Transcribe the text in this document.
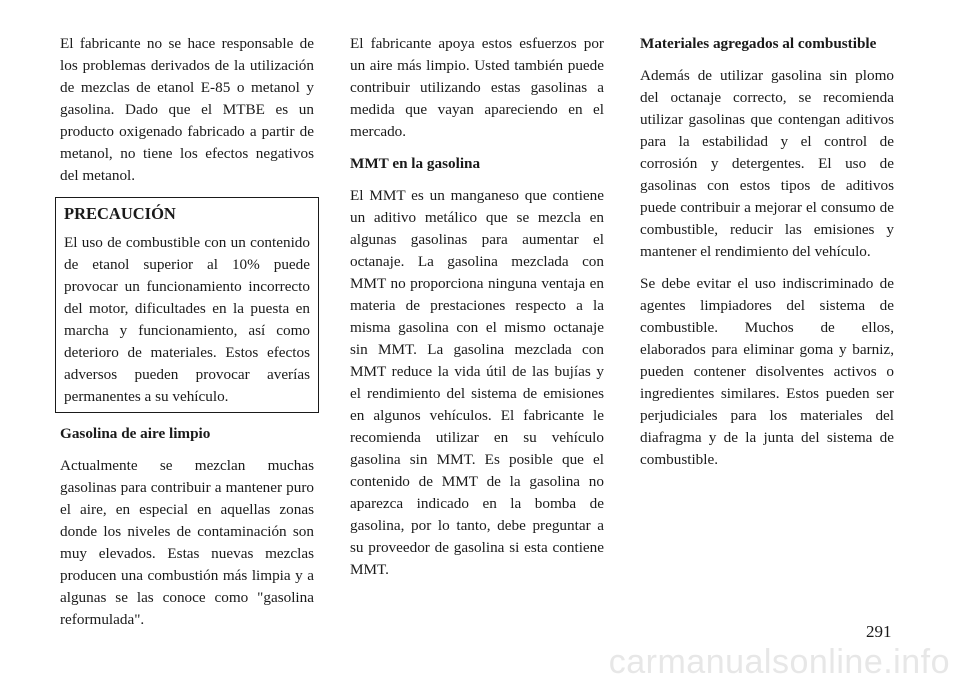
El fabricante no se hace responsable de los problemas derivados de la utilización de mezclas de etanol E-85 o metanol y gasolina. Dado que el MTBE es un producto oxigenado fabricado a partir de metanol, no tiene los efectos negativos del metanol.

PRECAUCIÓN

El uso de combustible con un contenido de etanol superior al 10% puede provocar un funcionamiento incorrecto del motor, dificultades en la puesta en marcha y funcionamiento, así como deterioro de materiales. Estos efectos adversos pueden provocar averías permanentes a su vehículo.

Gasolina de aire limpio

Actualmente se mezclan muchas gasolinas para contribuir a mantener puro el aire, en especial en aquellas zonas donde los niveles de contaminación son muy elevados. Estas nuevas mezclas producen una combustión más limpia y a algunas se las conoce como "gasolina reformulada".

El fabricante apoya estos esfuerzos por un aire más limpio. Usted también puede contribuir utilizando estas gasolinas a medida que vayan apareciendo en el mercado.

MMT en la gasolina

El MMT es un manganeso que contiene un aditivo metálico que se mezcla en algunas gasolinas para aumentar el octanaje. La gasolina mezclada con MMT no proporciona ninguna ventaja en materia de prestaciones respecto a la misma gasolina con el mismo octanaje sin MMT. La gasolina mezclada con MMT reduce la vida útil de las bujías y el rendimiento del sistema de emisiones en algunos vehículos. El fabricante le recomienda utilizar en su vehículo gasolina sin MMT. Es posible que el contenido de MMT de la gasolina no aparezca indicado en la bomba de gasolina, por lo tanto, debe preguntar a su proveedor de gasolina si esta contiene MMT.

Materiales agregados al combustible

Además de utilizar gasolina sin plomo del octanaje correcto, se recomienda utilizar gasolinas que contengan aditivos para la estabilidad y el control de corrosión y detergentes. El uso de gasolinas con estos tipos de aditivos puede contribuir a mejorar el consumo de combustible, reducir las emisiones y mantener el rendimiento del vehículo.

Se debe evitar el uso indiscriminado de agentes limpiadores del sistema de combustible. Muchos de ellos, elaborados para eliminar goma y barniz, pueden contener disolventes activos o ingredientes similares. Estos pueden ser perjudiciales para los materiales del diafragma y de la junta del sistema de combustible.

291
carmanualsonline.info
